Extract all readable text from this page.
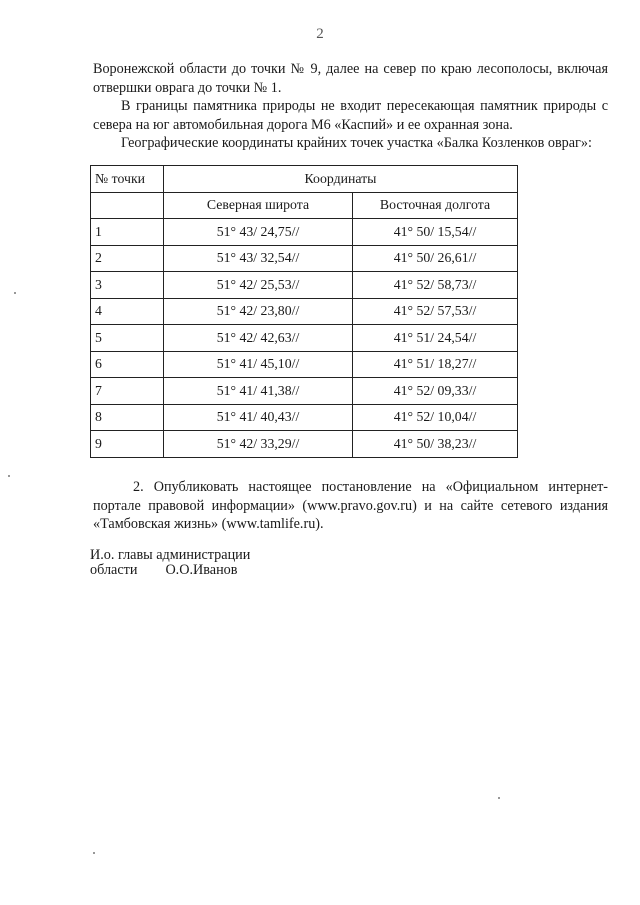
2
Воронежской области до точки № 9, далее на север по краю лесополосы, включая отвершки оврага до точки № 1.
В границы памятника природы не входит пересекающая памятник природы с севера на юг автомобильная дорога М6 «Каспий» и ее охранная зона.
Географические координаты крайних точек участка «Балка Козленков овраг»:
№ точки	Координаты	
	Северная широта	Восточная долгота
1	51° 43/ 24,75//	41° 50/ 15,54//
2	51° 43/ 32,54//	41° 50/ 26,61//
3	51° 42/ 25,53//	41° 52/ 58,73//
4	51° 42/ 23,80//	41° 52/ 57,53//
5	51° 42/ 42,63//	41° 51/ 24,54//
6	51° 41/ 45,10//	41° 51/ 18,27//
7	51° 41/ 41,38//	41° 52/ 09,33//
8	51° 41/ 40,43//	41° 52/ 10,04//
9	51° 42/ 33,29//	41° 50/ 38,23//
2. Опубликовать настоящее постановление на «Официальном интернет-портале правовой информации» (www.pravo.gov.ru) и на сайте сетевого издания «Тамбовская жизнь» (www.tamlife.ru).
И.о. главы администрации
области О.О.Иванов
